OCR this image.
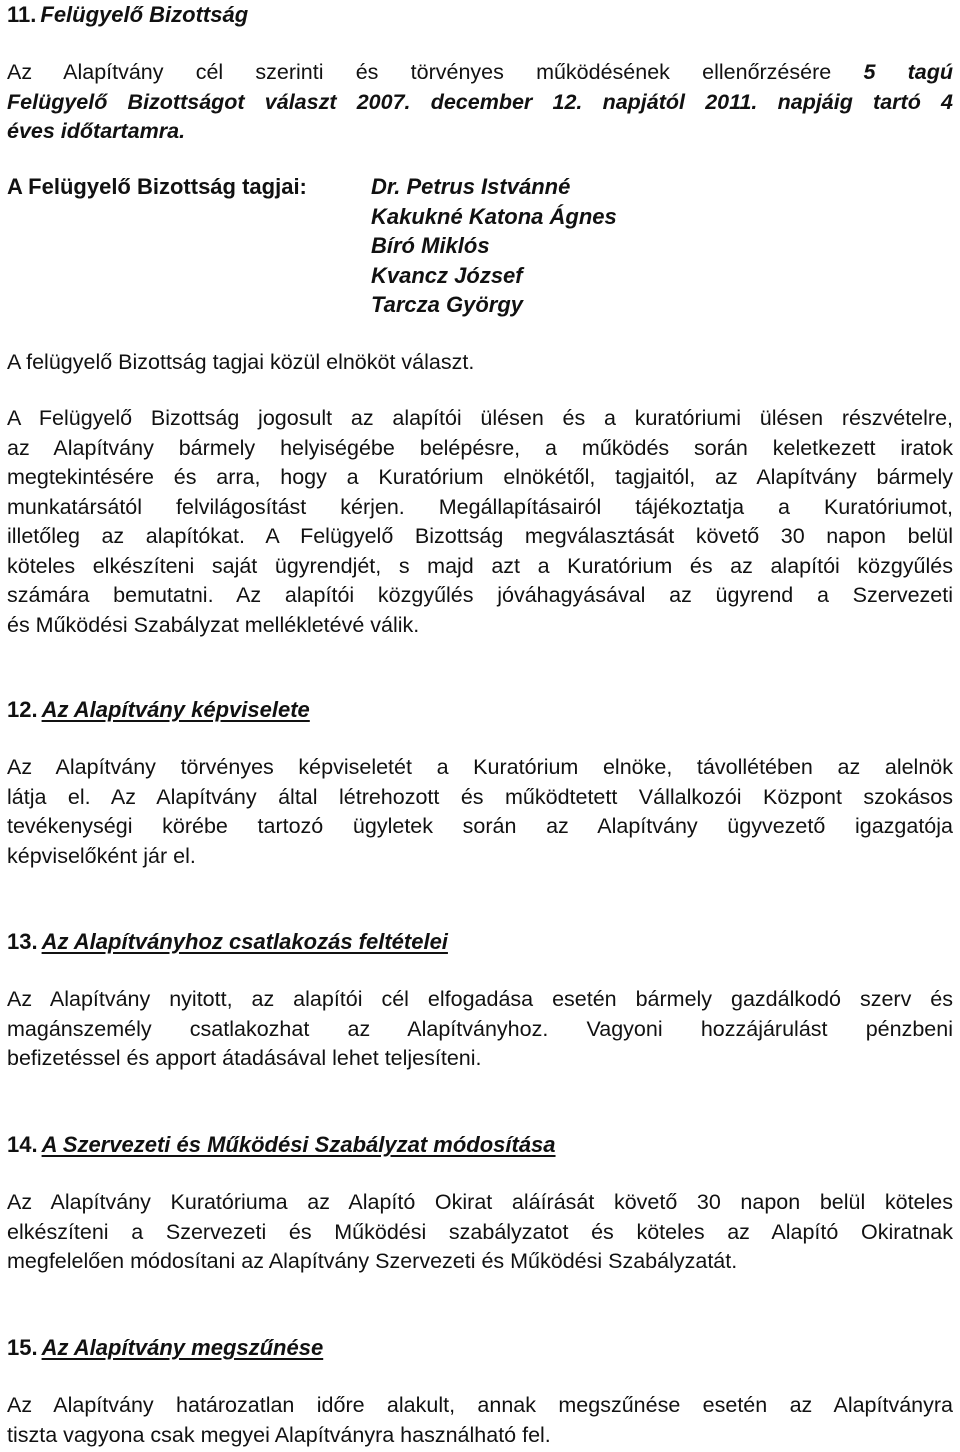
11. Felügyelő Bizottság
Az Alapítvány cél szerinti és törvényes működésének ellenőrzésére 5 tagú
Felügyelő Bizottságot választ 2007. december 12. napjától 2011. napjáig tartó 4
éves időtartamra.
A Felügyelő Bizottság tagjai:	Dr. Petrus Istvánné
Kakukné Katona Ágnes
Bíró Miklós
Kvancz József
Tarcza György
A felügyelő Bizottság tagjai közül elnököt választ.
A Felügyelő Bizottság jogosult az alapítói ülésen és a kuratóriumi ülésen részvételre,
az Alapítvány bármely helyiségébe belépésre, a működés során keletkezett iratok
megtekintésére és arra, hogy a Kuratórium elnökétől, tagjaitól, az Alapítvány bármely
munkatársától felvilágosítást kérjen. Megállapításairól tájékoztatja a Kuratóriumot,
illetőleg az alapítókat. A Felügyelő Bizottság megválasztását követő 30 napon belül
köteles elkészíteni saját ügyrendjét, s majd azt a Kuratórium és az alapítói közgyűlés
számára bemutatni. Az alapítói közgyűlés jóváhagyásával az ügyrend a Szervezeti
és Működési Szabályzat mellékletévé válik.
12. Az Alapítvány képviselete
Az Alapítvány törvényes képviseletét a Kuratórium elnöke, távollétében az alelnök
látja el. Az Alapítvány által létrehozott és működtetett Vállalkozói Központ szokásos
tevékenységi körébe tartozó ügyletek során az Alapítvány ügyvezető igazgatója
képviselőként jár el.
13. Az Alapítványhoz csatlakozás feltételei
Az Alapítvány nyitott, az alapítói cél elfogadása esetén bármely gazdálkodó szerv és
magánszemély csatlakozhat az Alapítványhoz. Vagyoni hozzájárulást pénzbeni
befizetéssel és apport átadásával lehet teljesíteni.
14. A Szervezeti és Működési Szabályzat módosítása
Az Alapítvány Kuratóriuma az Alapító Okirat aláírását követő 30 napon belül köteles
elkészíteni a Szervezeti és Működési szabályzatot és köteles az Alapító Okiratnak
megfelelően módosítani az Alapítvány Szervezeti és Működési Szabályzatát.
15. Az Alapítvány megszűnése
Az Alapítvány határozatlan időre alakult, annak megszűnése esetén az Alapítványra
tiszta vagyona csak megyei Alapítványra használható fel.
